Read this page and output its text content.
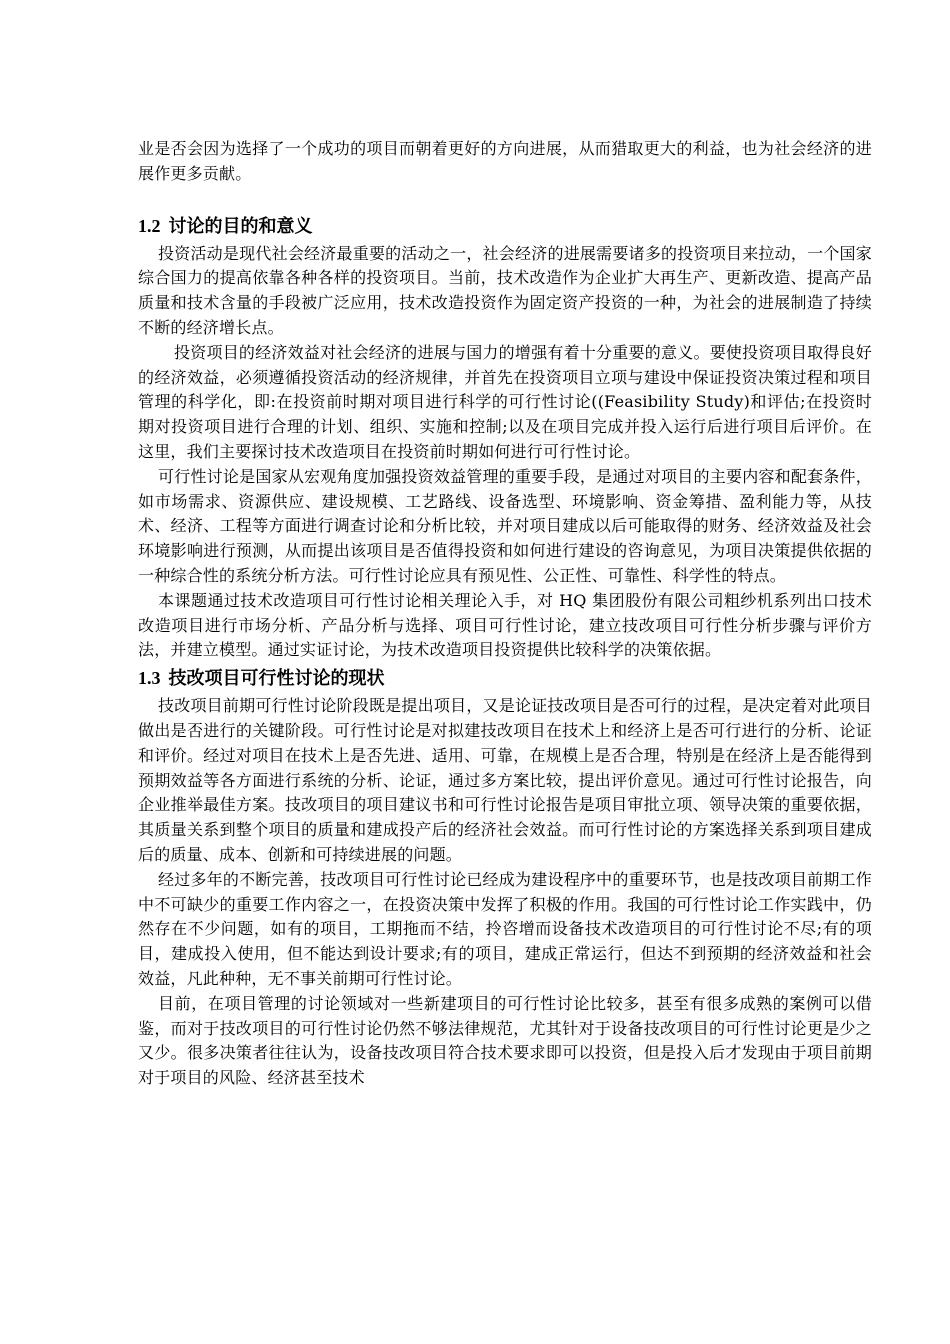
业是否会因为选择了一个成功的项目而朝着更好的方向进展，从而猎取更大的利益，也为社会经济的进展作更多贡献。

1.2 讨论的目的和意义

投资活动是现代社会经济最重要的活动之一，社会经济的进展需要诸多的投资项目来拉动，一个国家综合国力的提高依靠各种各样的投资项目。当前，技术改造作为企业扩大再生产、更新改造、提高产品质量和技术含量的手段被广泛应用，技术改造投资作为固定资产投资的一种，为社会的进展制造了持续不断的经济增长点。

投资项目的经济效益对社会经济的进展与国力的增强有着十分重要的意义。要使投资项目取得良好的经济效益，必须遵循投资活动的经济规律，并首先在投资项目立项与建设中保证投资决策过程和项目管理的科学化，即:在投资前时期对项目进行科学的可行性讨论((Feasibility Study)和评估;在投资时期对投资项目进行合理的计划、组织、实施和控制;以及在项目完成并投入运行后进行项目后评价。在这里，我们主要探讨技术改造项目在投资前时期如何进行可行性讨论。

可行性讨论是国家从宏观角度加强投资效益管理的重要手段，是通过对项目的主要内容和配套条件，如市场需求、资源供应、建设规模、工艺路线、设备选型、环境影响、资金筹措、盈利能力等，从技术、经济、工程等方面进行调查讨论和分析比较，并对项目建成以后可能取得的财务、经济效益及社会环境影响进行预测，从而提出该项目是否值得投资和如何进行建设的咨询意见，为项目决策提供依据的一种综合性的系统分析方法。可行性讨论应具有预见性、公正性、可靠性、科学性的特点。

本课题通过技术改造项目可行性讨论相关理论入手，对 HQ 集团股份有限公司粗纱机系列出口技术改造项目进行市场分析、产品分析与选择、项目可行性讨论，建立技改项目可行性分析步骤与评价方法，并建立模型。通过实证讨论，为技术改造项目投资提供比较科学的决策依据。

1.3 技改项目可行性讨论的现状

技改项目前期可行性讨论阶段既是提出项目，又是论证技改项目是否可行的过程，是决定着对此项目做出是否进行的关键阶段。可行性讨论是对拟建技改项目在技术上和经济上是否可行进行的分析、论证和评价。经过对项目在技术上是否先进、适用、可靠，在规模上是否合理，特别是在经济上是否能得到预期效益等各方面进行系统的分析、论证，通过多方案比较，提出评价意见。通过可行性讨论报告，向企业推举最佳方案。技改项目的项目建议书和可行性讨论报告是项目审批立项、领导决策的重要依据，其质量关系到整个项目的质量和建成投产后的经济社会效益。而可行性讨论的方案选择关系到项目建成后的质量、成本、创新和可持续进展的问题。

经过多年的不断完善，技改项目可行性讨论已经成为建设程序中的重要环节，也是技改项目前期工作中不可缺少的重要工作内容之一，在投资决策中发挥了积极的作用。我国的可行性讨论工作实践中，仍然存在不少问题，如有的项目，工期拖而不结，拎咨增而设备技术改造项目的可行性讨论不尽;有的项目，建成投入使用，但不能达到设计要求;有的项目，建成正常运行，但达不到预期的经济效益和社会效益，凡此种种，无不事关前期可行性讨论。

目前，在项目管理的讨论领域对一些新建项目的可行性讨论比较多，甚至有很多成熟的案例可以借鉴，而对于技改项目的可行性讨论仍然不够法律规范，尤其针对于设备技改项目的可行性讨论更是少之又少。很多决策者往往认为，设备技改项目符合技术要求即可以投资，但是投入后才发现由于项目前期对于项目的风险、经济甚至技术
